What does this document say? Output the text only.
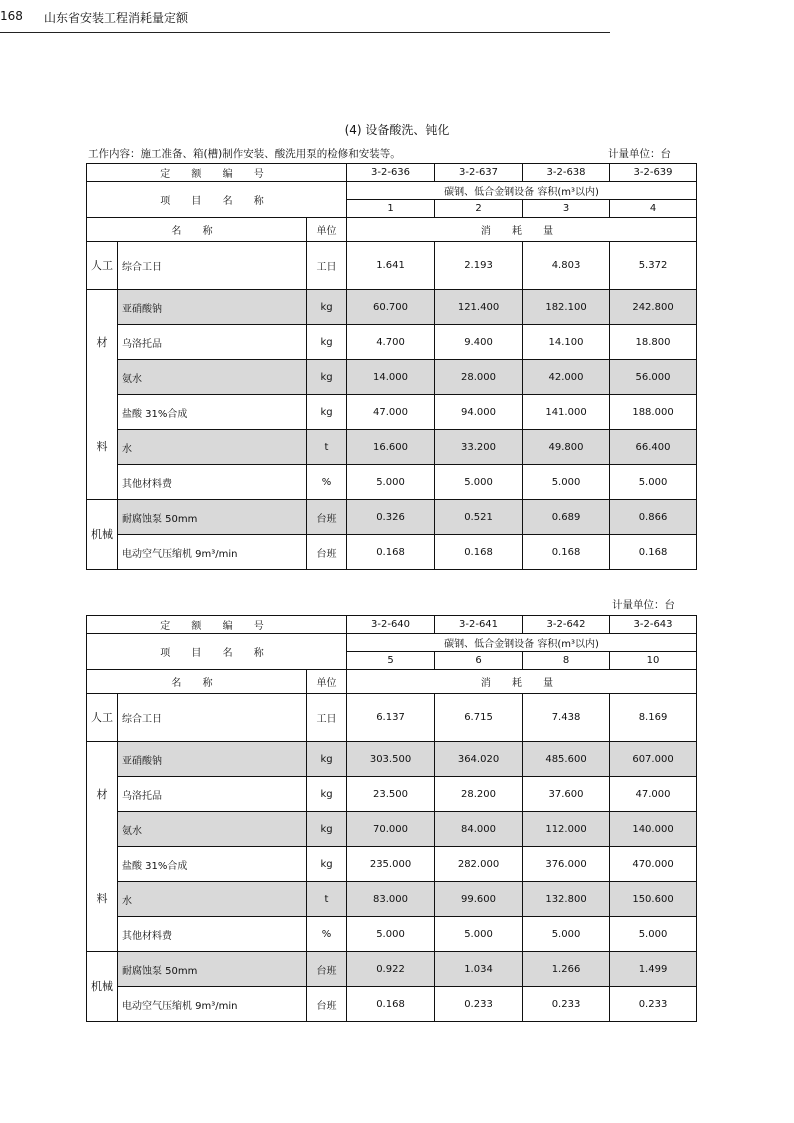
168 山东省安装工程消耗量定额
(4) 设备酸洗、钝化
工作内容：施工准备、箱(槽)制作安装、酸洗用泵的检修和安装等。	计量单位：台
计量单位：台
定 额 编 号			3-2-636	3-2-637	3-2-638	3-2-639
项 目 名 称			碳钢、低合金钢设备 容积(m³以内)			
			1	2	3	4
名 称		单位	消 耗 量			
人工	综合工日	工日	1.641	2.193	4.803	5.372
材

料	亚硝酸钠	kg	60.700	121.400	182.100	242.800
	乌洛托品	kg	4.700	9.400	14.100	18.800
	氨水	kg	14.000	28.000	42.000	56.000
	盐酸 31%合成	kg	47.000	94.000	141.000	188.000
	水	t	16.600	33.200	49.800	66.400
	其他材料费	%	5.000	5.000	5.000	5.000
机械	耐腐蚀泵 50mm	台班	0.326	0.521	0.689	0.866
	电动空气压缩机 9m³/min	台班	0.168	0.168	0.168	0.168
定 额 编 号			3-2-640	3-2-641	3-2-642	3-2-643
项 目 名 称			碳钢、低合金钢设备 容积(m³以内)			
			5	6	8	10
名 称		单位	消 耗 量			
人工	综合工日	工日	6.137	6.715	7.438	8.169
材

料	亚硝酸钠	kg	303.500	364.020	485.600	607.000
	乌洛托品	kg	23.500	28.200	37.600	47.000
	氨水	kg	70.000	84.000	112.000	140.000
	盐酸 31%合成	kg	235.000	282.000	376.000	470.000
	水	t	83.000	99.600	132.800	150.600
	其他材料费	%	5.000	5.000	5.000	5.000
机械	耐腐蚀泵 50mm	台班	0.922	1.034	1.266	1.499
	电动空气压缩机 9m³/min	台班	0.168	0.233	0.233	0.233
